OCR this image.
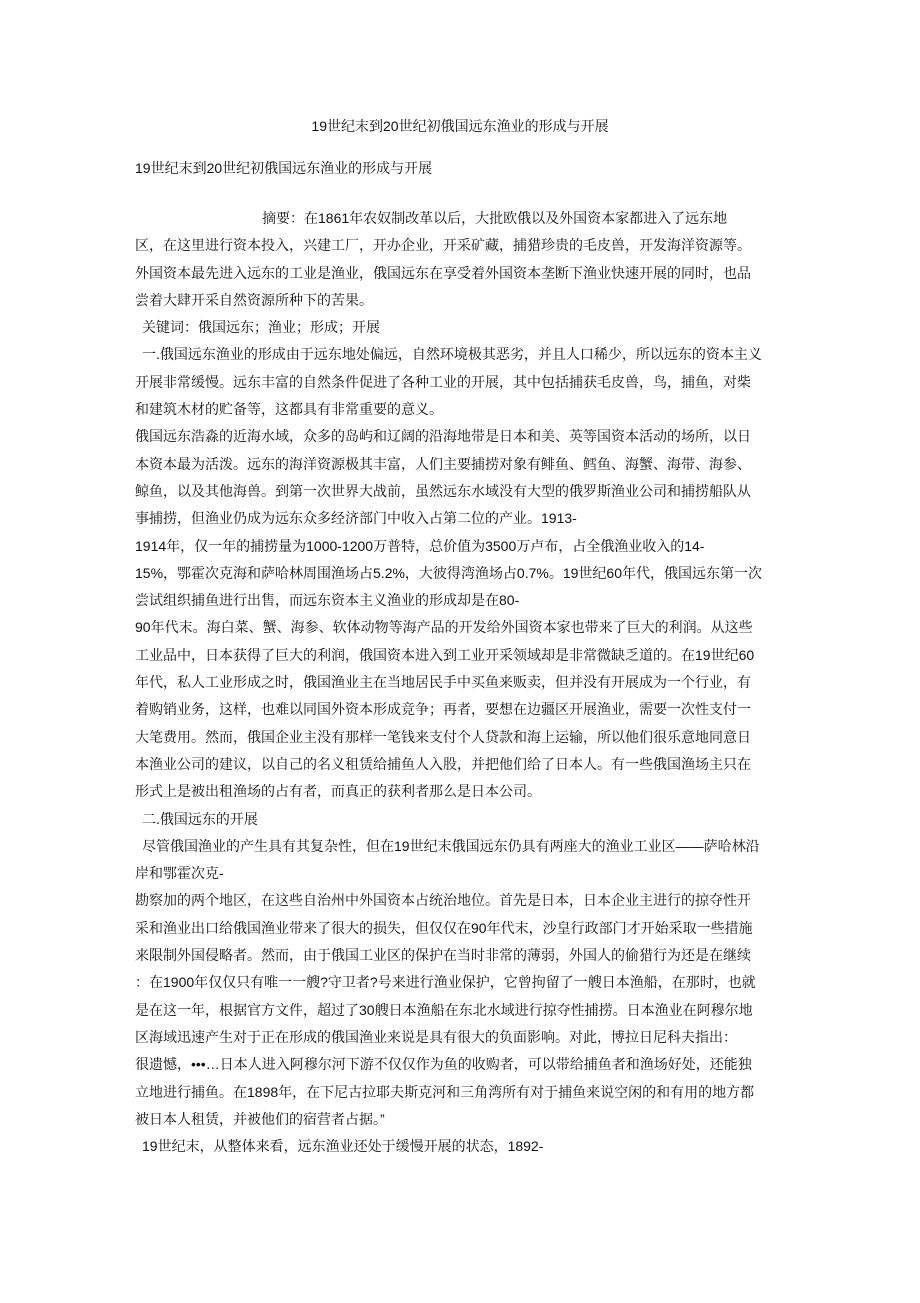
19世纪末到20世纪初俄国远东渔业的形成与开展
19世纪末到20世纪初俄国远东渔业的形成与开展
摘要：在1861年农奴制改革以后，大批欧俄以及外国资本家都进入了远东地
区，在这里进行资本投入，兴建工厂，开办企业，开采矿藏，捕猎珍贵的毛皮兽，开发海洋资源等。
外国资本最先进入远东的工业是渔业，俄国远东在享受着外国资本垄断下渔业快速开展的同时，也品
尝着大肆开采自然资源所种下的苦果。
关键词：俄国远东；渔业；形成；开展
一.俄国远东渔业的形成由于远东地处偏远，自然环境极其恶劣，并且人口稀少，所以远东的资本主义
开展非常缓慢。远东丰富的自然条件促进了各种工业的开展，其中包括捕获毛皮兽，鸟，捕鱼，对柴
和建筑木材的贮备等，这都具有非常重要的意义。
俄国远东浩淼的近海水域，众多的岛屿和辽阔的沿海地带是日本和美、英等国资本活动的场所，以日
本资本最为活泼。远东的海洋资源极其丰富，人们主要捕捞对象有鲱鱼、鳕鱼、海蟹、海带、海参、
鲸鱼，以及其他海兽。到第一次世界大战前，虽然远东水域没有大型的俄罗斯渔业公司和捕捞船队从
事捕捞，但渔业仍成为远东众多经济部门中收入占第二位的产业。1913-
1914年，仅一年的捕捞量为1000-1200万普特，总价值为3500万卢布，占全俄渔业收入的14-
15%，鄂霍次克海和萨哈林周围渔场占5.2%，大彼得湾渔场占0.7%。19世纪60年代，俄国远东第一次
尝试组织捕鱼进行出售，而远东资本主义渔业的形成却是在80-
90年代末。海白菜、蟹、海参、软体动物等海产品的开发给外国资本家也带来了巨大的利润。从这些
工业品中，日本获得了巨大的利润，俄国资本进入到工业开采领域却是非常微缺乏道的。在19世纪60
年代，私人工业形成之时，俄国渔业主在当地居民手中买鱼来贩卖，但并没有开展成为一个行业，有
着购销业务，这样，也难以同国外资本形成竞争；再者，要想在边疆区开展渔业，需要一次性支付一
大笔费用。然而，俄国企业主没有那样一笔钱来支付个人贷款和海上运输，所以他们很乐意地同意日
本渔业公司的建议，以自己的名义租赁给捕鱼人入股，并把他们给了日本人。有一些俄国渔场主只在
形式上是被出租渔场的占有者，而真正的获利者那么是日本公司。
二.俄国远东的开展
尽管俄国渔业的产生具有其复杂性，但在19世纪末俄国远东仍具有两座大的渔业工业区——萨哈林沿
岸和鄂霍次克-
勘察加的两个地区，在这些自治州中外国资本占统治地位。首先是日本，日本企业主进行的掠夺性开
采和渔业出口给俄国渔业带来了很大的损失，但仅仅在90年代末，沙皇行政部门才开始采取一些措施
来限制外国侵略者。然而，由于俄国工业区的保护在当时非常的薄弱，外国人的偷猎行为还是在继续
：在1900年仅仅只有唯一一艘?守卫者?号来进行渔业保护，它曾拘留了一艘日本渔船，在那时，也就
是在这一年，根据官方文件，超过了30艘日本渔船在东北水域进行掠夺性捕捞。日本渔业在阿穆尔地
区海域迅速产生对于正在形成的俄国渔业来说是具有很大的负面影响。对此，博拉日尼科夫指出：
很遗憾，•••…日本人进入阿穆尔河下游不仅仅作为鱼的收购者，可以带给捕鱼者和渔场好处，还能独
立地进行捕鱼。在1898年，在下尼古拉耶夫斯克河和三角湾所有对于捕鱼来说空闲的和有用的地方都
被日本人租赁，并被他们的宿营者占据。”
19世纪末，从整体来看，远东渔业还处于缓慢开展的状态，1892-
